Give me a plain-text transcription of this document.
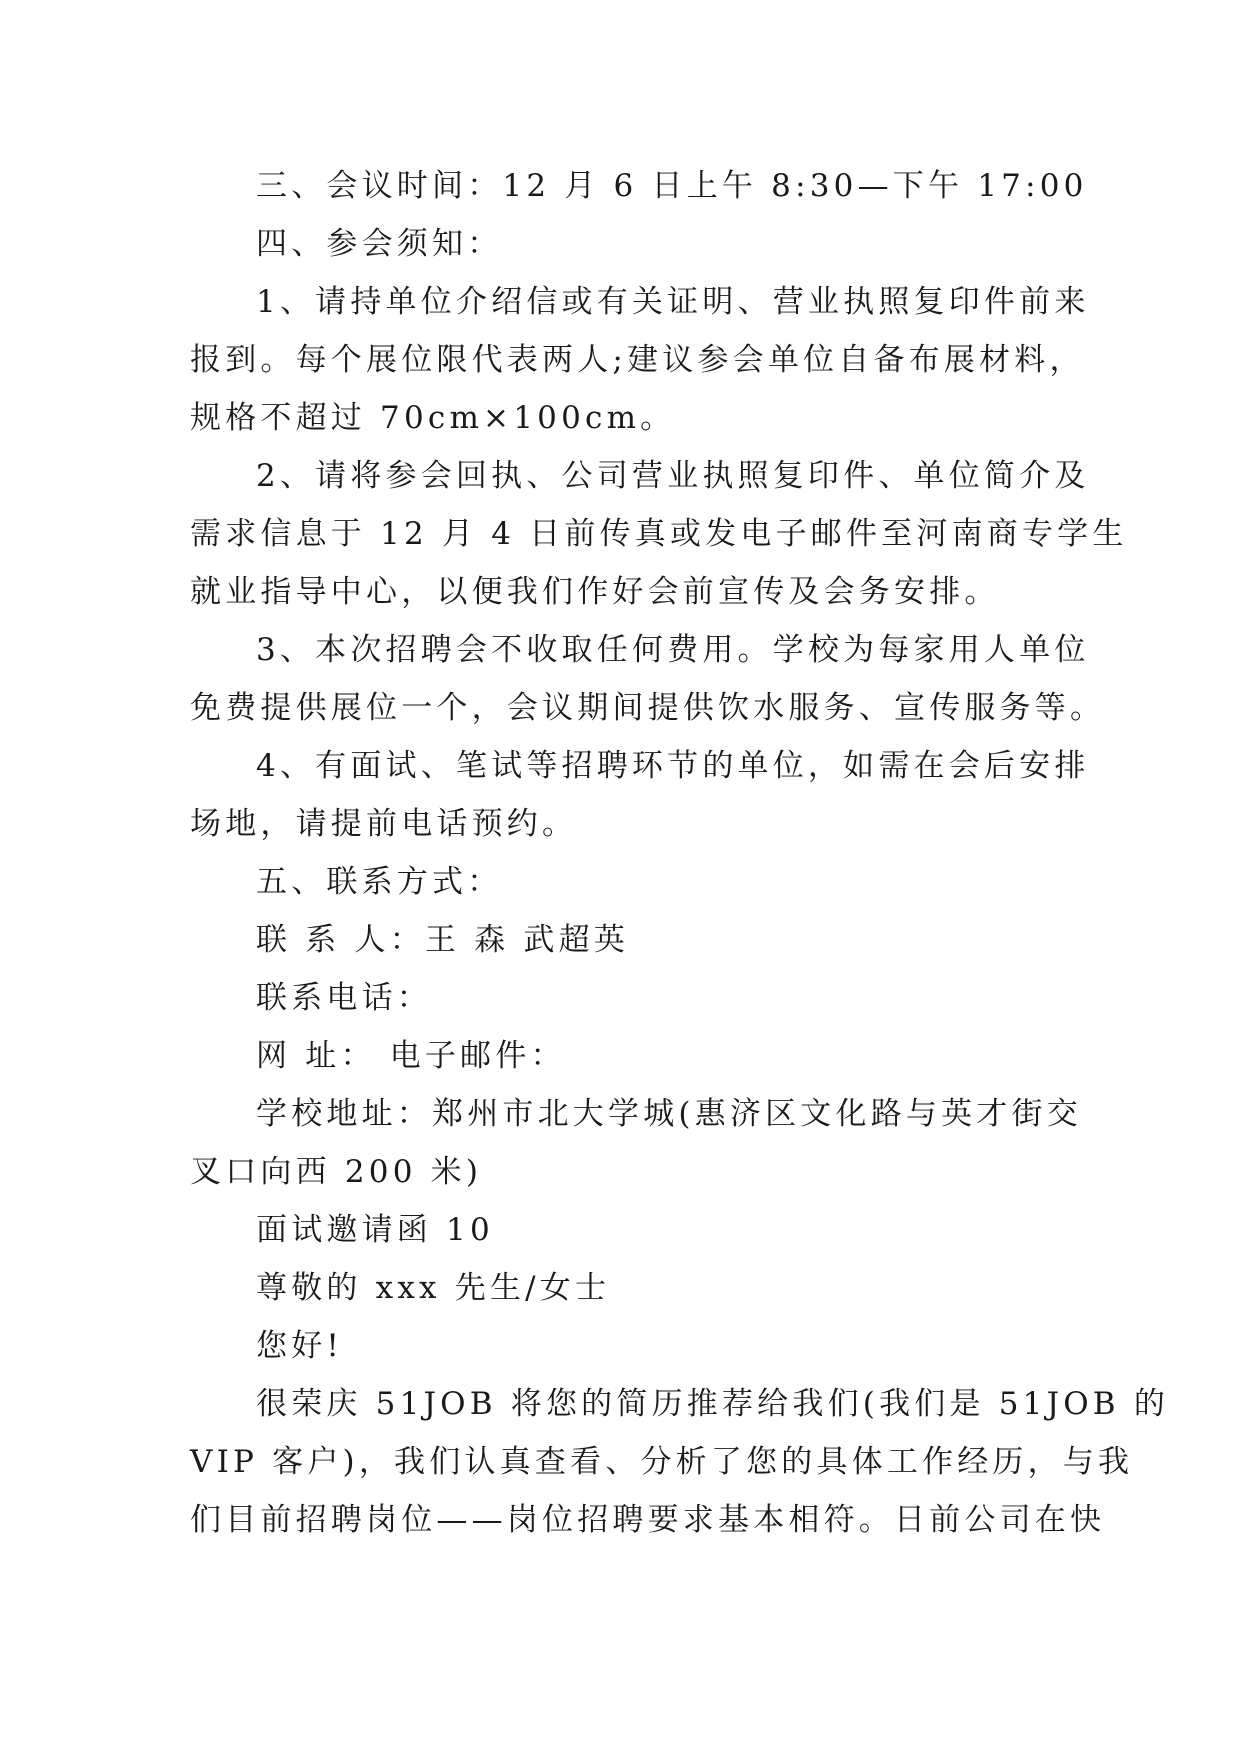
三、会议时间：12 月 6 日上午 8:30—下午 17:00

四、参会须知：

1、请持单位介绍信或有关证明、营业执照复印件前来

报到。每个展位限代表两人;建议参会单位自备布展材料，

规格不超过 70cm×100cm。

2、请将参会回执、公司营业执照复印件、单位简介及

需求信息于 12 月 4 日前传真或发电子邮件至河南商专学生

就业指导中心，以便我们作好会前宣传及会务安排。

3、本次招聘会不收取任何费用。学校为每家用人单位

免费提供展位一个，会议期间提供饮水服务、宣传服务等。

4、有面试、笔试等招聘环节的单位，如需在会后安排

场地，请提前电话预约。

五、联系方式：

联 系 人：王 森 武超英

联系电话：

网 址： 电子邮件：

学校地址：郑州市北大学城(惠济区文化路与英才街交

叉口向西 200 米)

面试邀请函 10

尊敬的 xxx 先生/女士

您好!

很荣庆 51JOB 将您的简历推荐给我们(我们是 51JOB 的

VIP 客户)，我们认真查看、分析了您的具体工作经历，与我

们目前招聘岗位——岗位招聘要求基本相符。日前公司在快
